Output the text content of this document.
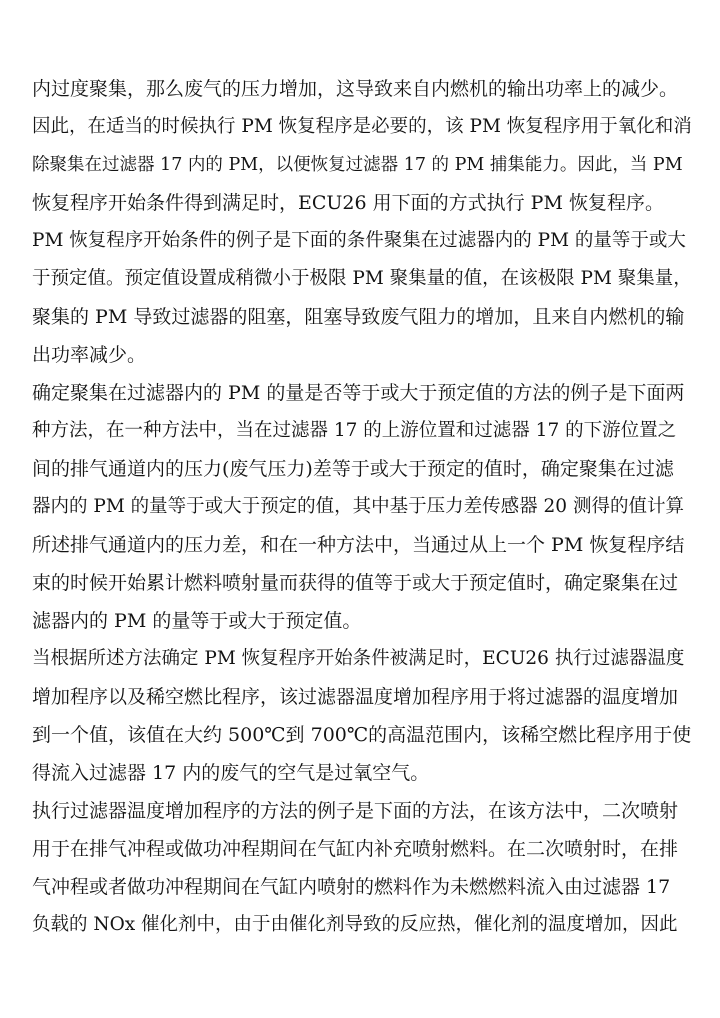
内过度聚集，那么废气的压力增加，这导致来自内燃机的输出功率上的减少。
因此，在适当的时候执行 PM 恢复程序是必要的，该 PM 恢复程序用于氧化和消
除聚集在过滤器 17 内的 PM，以便恢复过滤器 17 的 PM 捕集能力。因此，当 PM
恢复程序开始条件得到满足时，ECU26 用下面的方式执行 PM 恢复程序。
PM 恢复程序开始条件的例子是下面的条件聚集在过滤器内的 PM 的量等于或大
于预定值。预定值设置成稍微小于极限 PM 聚集量的值，在该极限 PM 聚集量，
聚集的 PM 导致过滤器的阻塞，阻塞导致废气阻力的增加，且来自内燃机的输
出功率减少。
确定聚集在过滤器内的 PM 的量是否等于或大于预定值的方法的例子是下面两
种方法，在一种方法中，当在过滤器 17 的上游位置和过滤器 17 的下游位置之
间的排气通道内的压力(废气压力)差等于或大于预定的值时，确定聚集在过滤
器内的 PM 的量等于或大于预定的值，其中基于压力差传感器 20 测得的值计算
所述排气通道内的压力差，和在一种方法中，当通过从上一个 PM 恢复程序结
束的时候开始累计燃料喷射量而获得的值等于或大于预定值时，确定聚集在过
滤器内的 PM 的量等于或大于预定值。
当根据所述方法确定 PM 恢复程序开始条件被满足时，ECU26 执行过滤器温度
增加程序以及稀空燃比程序，该过滤器温度增加程序用于将过滤器的温度增加
到一个值，该值在大约 500℃到 700℃的高温范围内，该稀空燃比程序用于使
得流入过滤器 17 内的废气的空气是过氧空气。
执行过滤器温度增加程序的方法的例子是下面的方法，在该方法中，二次喷射
用于在排气冲程或做功冲程期间在气缸内补充喷射燃料。在二次喷射时，在排
气冲程或者做功冲程期间在气缸内喷射的燃料作为未燃燃料流入由过滤器 17
负载的 NOx 催化剂中，由于由催化剂导致的反应热，催化剂的温度增加，因此
